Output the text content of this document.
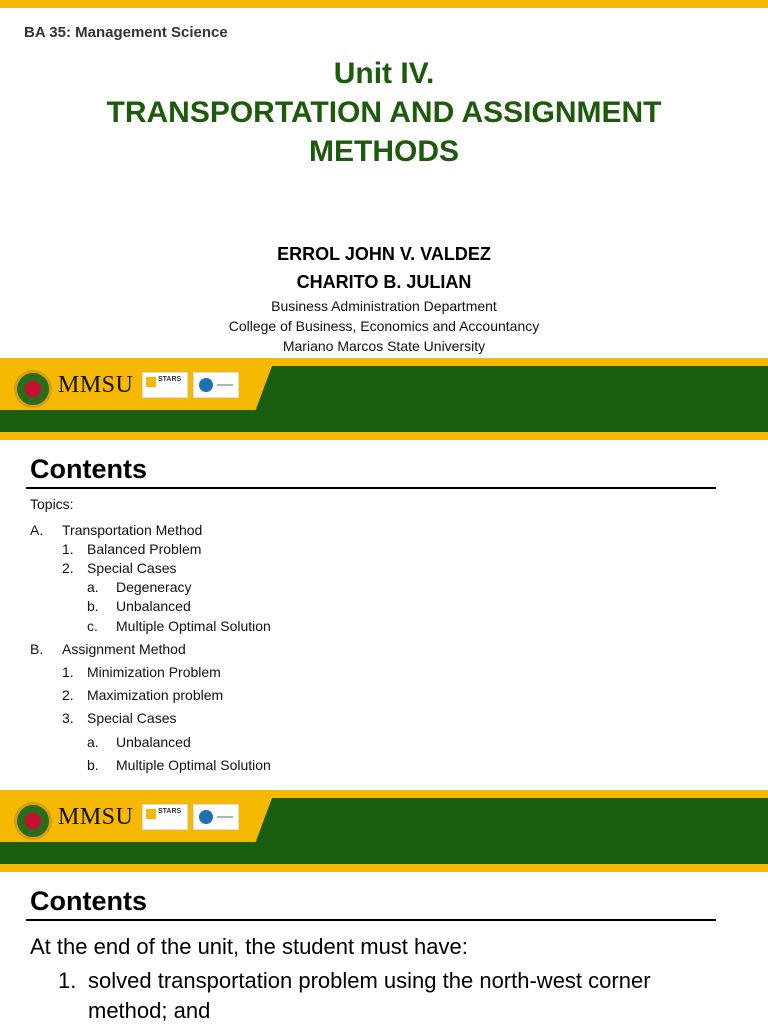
BA 35: Management Science
Unit IV.
TRANSPORTATION AND ASSIGNMENT
METHODS
ERROL JOHN V. VALDEZ
CHARITO B. JULIAN
Business Administration Department
College of Business, Economics and Accountancy
Mariano Marcos State University
MMSU	STARS
Contents
Topics:
A. Transportation Method
1. Balanced Problem
2. Special Cases
a. Degeneracy
b. Unbalanced
c. Multiple Optimal Solution
B. Assignment Method
1. Minimization Problem
2. Maximization problem
3. Special Cases
a. Unbalanced
b. Multiple Optimal Solution
MMSU	STARS
Contents
At the end of the unit, the student must have:
1. solved transportation problem using the north-west corner method; and
